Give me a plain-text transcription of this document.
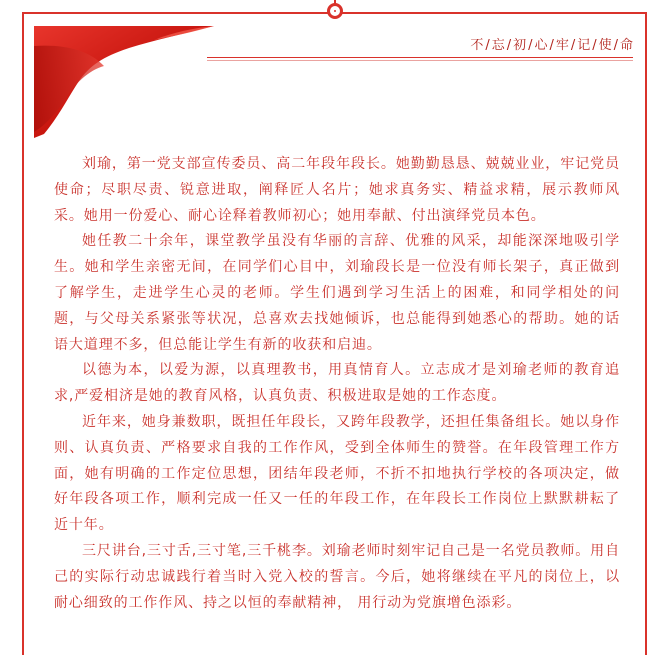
不/忘/初/心/牢/记/使/命

刘瑜，第一党支部宣传委员、高二年段年段长。她勤勤恳恳、兢兢业业，牢记党员使命；尽职尽责、锐意进取，阐释匠人名片；她求真务实、精益求精，展示教师风采。她用一份爱心、耐心诠释着教师初心；她用奉献、付出演绎党员本色。

她任教二十余年，课堂教学虽没有华丽的言辞、优雅的风采，却能深深地吸引学生。她和学生亲密无间，在同学们心目中，刘瑜段长是一位没有师长架子，真正做到了解学生，走进学生心灵的老师。学生们遇到学习生活上的困难，和同学相处的问题，与父母关系紧张等状况，总喜欢去找她倾诉，也总能得到她悉心的帮助。她的话语大道理不多，但总能让学生有新的收获和启迪。

以德为本，以爱为源，以真理教书，用真情育人。立志成才是刘瑜老师的教育追求,严爱相济是她的教育风格，认真负责、积极进取是她的工作态度。

近年来，她身兼数职，既担任年段长，又跨年段教学，还担任集备组长。她以身作则、认真负责、严格要求自我的工作作风，受到全体师生的赞誉。在年段管理工作方面，她有明确的工作定位思想，团结年段老师，不折不扣地执行学校的各项决定，做好年段各项工作，顺利完成一任又一任的年段工作，在年段长工作岗位上默默耕耘了近十年。

三尺讲台,三寸舌,三寸笔,三千桃李。刘瑜老师时刻牢记自己是一名党员教师。用自己的实际行动忠诚践行着当时入党入校的誓言。今后，她将继续在平凡的岗位上，以耐心细致的工作作风、持之以恒的奉献精神， 用行动为党旗增色添彩。
